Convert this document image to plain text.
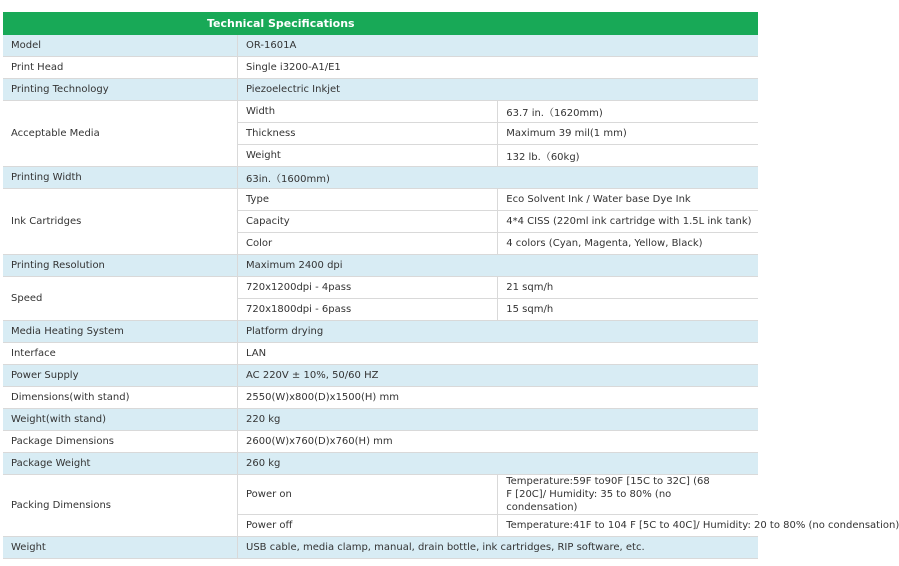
Technical Specifications
Model	OR-1601A	
Print Head	Single i3200-A1/E1	
Printing Technology	Piezoelectric Inkjet	
Acceptable Media	Width	63.7 in.（1620mm)
	Thickness	Maximum 39 mil(1 mm)
	Weight	132 lb.（60kg)
Printing Width	63in.（1600mm)	
Ink Cartridges	Type	Eco Solvent Ink / Water base Dye Ink
	Capacity	4*4 CISS (220ml ink cartridge with 1.5L ink tank)
	Color	4 colors (Cyan, Magenta, Yellow, Black)
Printing Resolution	Maximum 2400 dpi	
Speed	720x1200dpi - 4pass	21 sqm/h
	720x1800dpi - 6pass	15 sqm/h
Media Heating System	Platform drying	
Interface	LAN	
Power Supply	AC 220V ± 10%, 50/60 HZ	
Dimensions(with stand)	2550(W)x800(D)x1500(H) mm	
Weight(with stand)	220 kg	
Package Dimensions	2600(W)x760(D)x760(H) mm	
Package Weight	260 kg	
Packing Dimensions	Power on	Temperature:59F to90F [15C to 32C] (68 F [20C]/ Humidity: 35 to 80% (no condensation)
	Power off	Temperature:41F to 104 F [5C to 40C]/ Humidity: 20 to 80% (no condensation)
Weight	USB cable, media clamp, manual, drain bottle, ink cartridges, RIP software, etc.	
